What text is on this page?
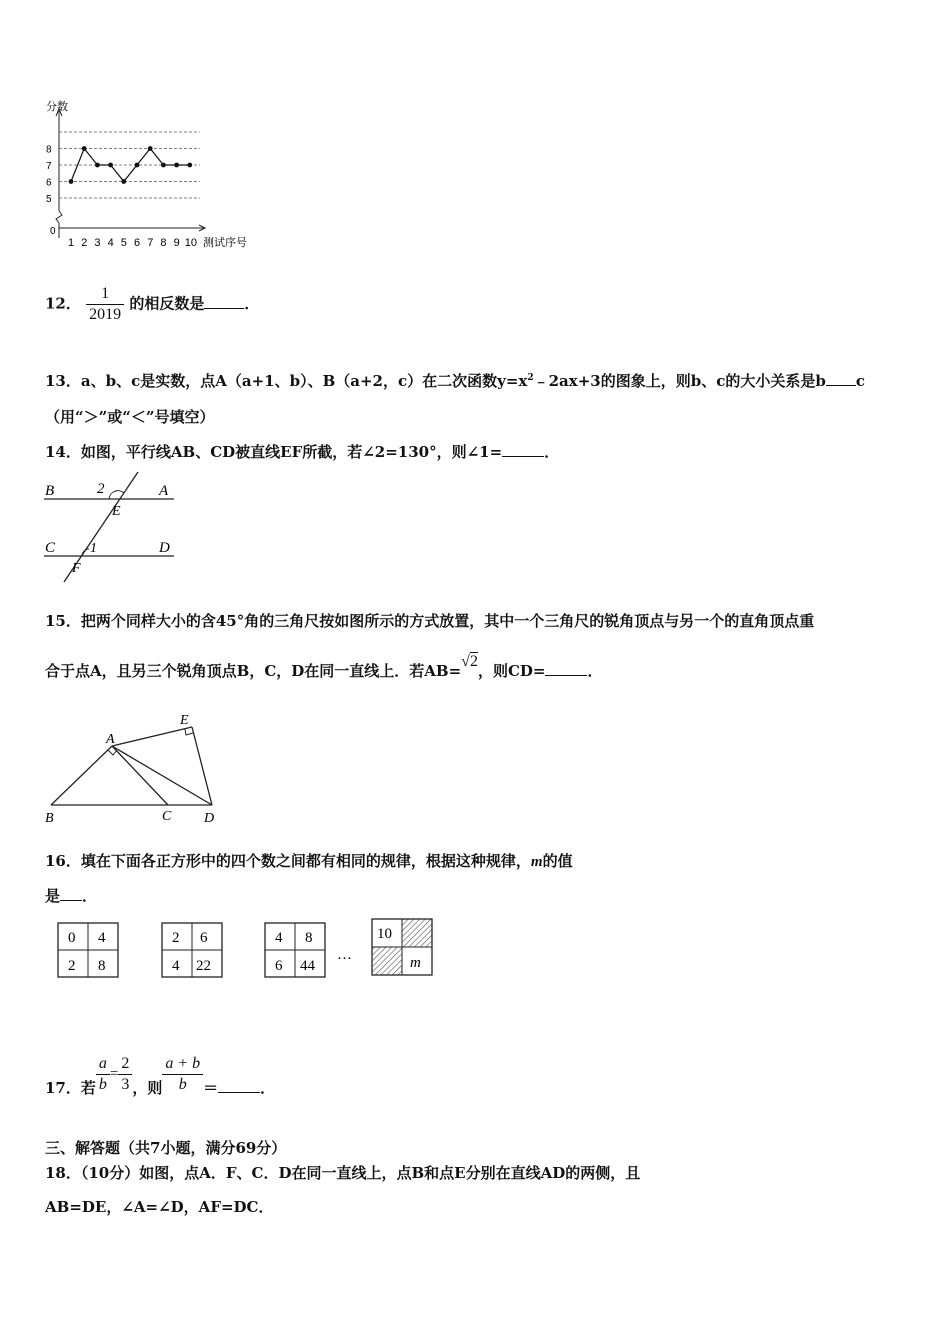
分数
测试序号
5
6
7
8
0
1 2 3 4 5 6 7 8 9 10
12． $\frac{1}{2019}$ 的相反数是	．
13．a、b、c是实数，点A（a+1、b）、B（a+2，c）在二次函数$y=x^2﹣2ax+3$的图象上，则b、c的大小关系是b c
（用“＞”或“＜”号填空）
14．如图，平行线AB、CD被直线EF所截，若∠2=130°，则∠1=	．
B	A
2
E
C	D
1
F
15．把两个同样大小的含45°角的三角尺按如图所示的方式放置，其中一个三角尺的锐角顶点与另一个的直角顶点重
合于点A，且另三个锐角顶点B，C，D在同一直线上．若AB=√2，则CD=	．
A
E
B	C D
16．填在下面各正方形中的四个数之间都有相同的规律，根据这种规律，m的值
是 ．
0 4
2 8
2 6
4 22
4 8
6 44
…
10
m
17．若 $\frac{a}{b} = \frac{2}{3}$ ，则 $\frac{a + b}{b}$ ＝	．
三、解答题（共7小题，满分69分）
18．（10分）如图，点A．F、C．D在同一直线上，点B和点E分别在直线AD的两侧，且
AB=DE，∠A=∠D，AF=DC．
